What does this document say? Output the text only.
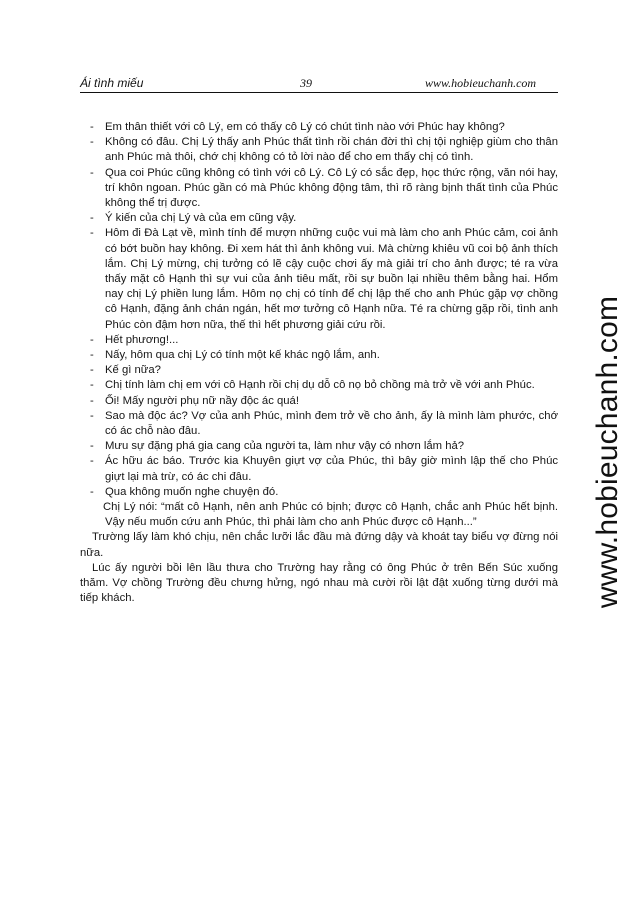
Ái tình miếu	39	www.hobieuchanh.com
- Em thân thiết với cô Lý, em có thấy cô Lý có chút tình nào với Phúc hay không?
- Không có đâu. Chị Lý thấy anh Phúc thất tình rồi chán đời thì chị tội nghiệp giùm cho thân anh Phúc mà thôi, chớ chị không có tỏ lời nào để cho em thấy chị có tình.
- Qua coi Phúc cũng không có tình với cô Lý. Cô Lý có sắc đẹp, học thức rộng, văn nói hay, trí khôn ngoan. Phúc gần có mà Phúc không động tâm, thì rõ ràng bịnh thất tình của Phúc không thể trị được.
- Ý kiến của chị Lý và của em cũng vậy.
- Hôm đi Đà Lạt về, mình tính để mượn những cuộc vui mà làm cho anh Phúc cảm, coi ảnh có bớt buồn hay không. Đi xem hát thì ảnh không vui. Mà chừng khiêu vũ coi bộ ảnh thích lắm. Chị Lý mừng, chị tưởng có lẽ cậy cuộc chơi ấy mà giải trí cho ảnh được; té ra vừa thấy mặt cô Hạnh thì sự vui của ảnh tiêu mất, rồi sự buồn lại nhiều thêm bằng hai. Hổm nay chị Lý phiền lung lắm. Hôm nọ chị có tính để chị lập thế cho anh Phúc gặp vợ chồng cô Hạnh, đặng ảnh chán ngán, hết mơ tưởng cô Hạnh nữa. Té ra chừng gặp rồi, tình anh Phúc còn đậm hơn nữa, thế thì hết phương giải cứu rồi.
- Hết phương!...
- Nấy, hôm qua chị Lý có tính một kế khác ngộ lắm, anh.
- Kế gì nữa?
- Chị tính làm chị em với cô Hạnh rồi chị dụ dỗ cô nọ bỏ chồng mà trở về với anh Phúc.
- Ối! Mấy người phụ nữ nầy độc ác quá!
- Sao mà độc ác? Vợ của anh Phúc, mình đem trở về cho ảnh, ấy là mình làm phước, chớ có ác chỗ nào đâu.
- Mưu sự đặng phá gia cang của người ta, làm như vậy có nhơn lắm hả?
- Ác hữu ác báo. Trước kia Khuyên giựt vợ của Phúc, thì bây giờ mình lập thế cho Phúc giựt lại mà trừ, có ác chi đâu.
- Qua không muốn nghe chuyện đó.

Chị Lý nói: “mất cô Hạnh, nên anh Phúc có bịnh; được cô Hạnh, chắc anh Phúc hết bịnh. Vậy nếu muốn cứu anh Phúc, thì phải làm cho anh Phúc được cô Hạnh...”

Trường lấy làm khó chịu, nên chắc lưỡi lắc đầu mà đứng dậy và khoát tay biểu vợ đừng nói nữa.

Lúc ấy người bồi lên lầu thưa cho Trường hay rằng có ông Phúc ở trên Bến Súc xuống thăm. Vợ chồng Trường đều chưng hửng, ngó nhau mà cười rồi lật đật xuống từng dưới mà tiếp khách.	www.hobieuchanh.com
